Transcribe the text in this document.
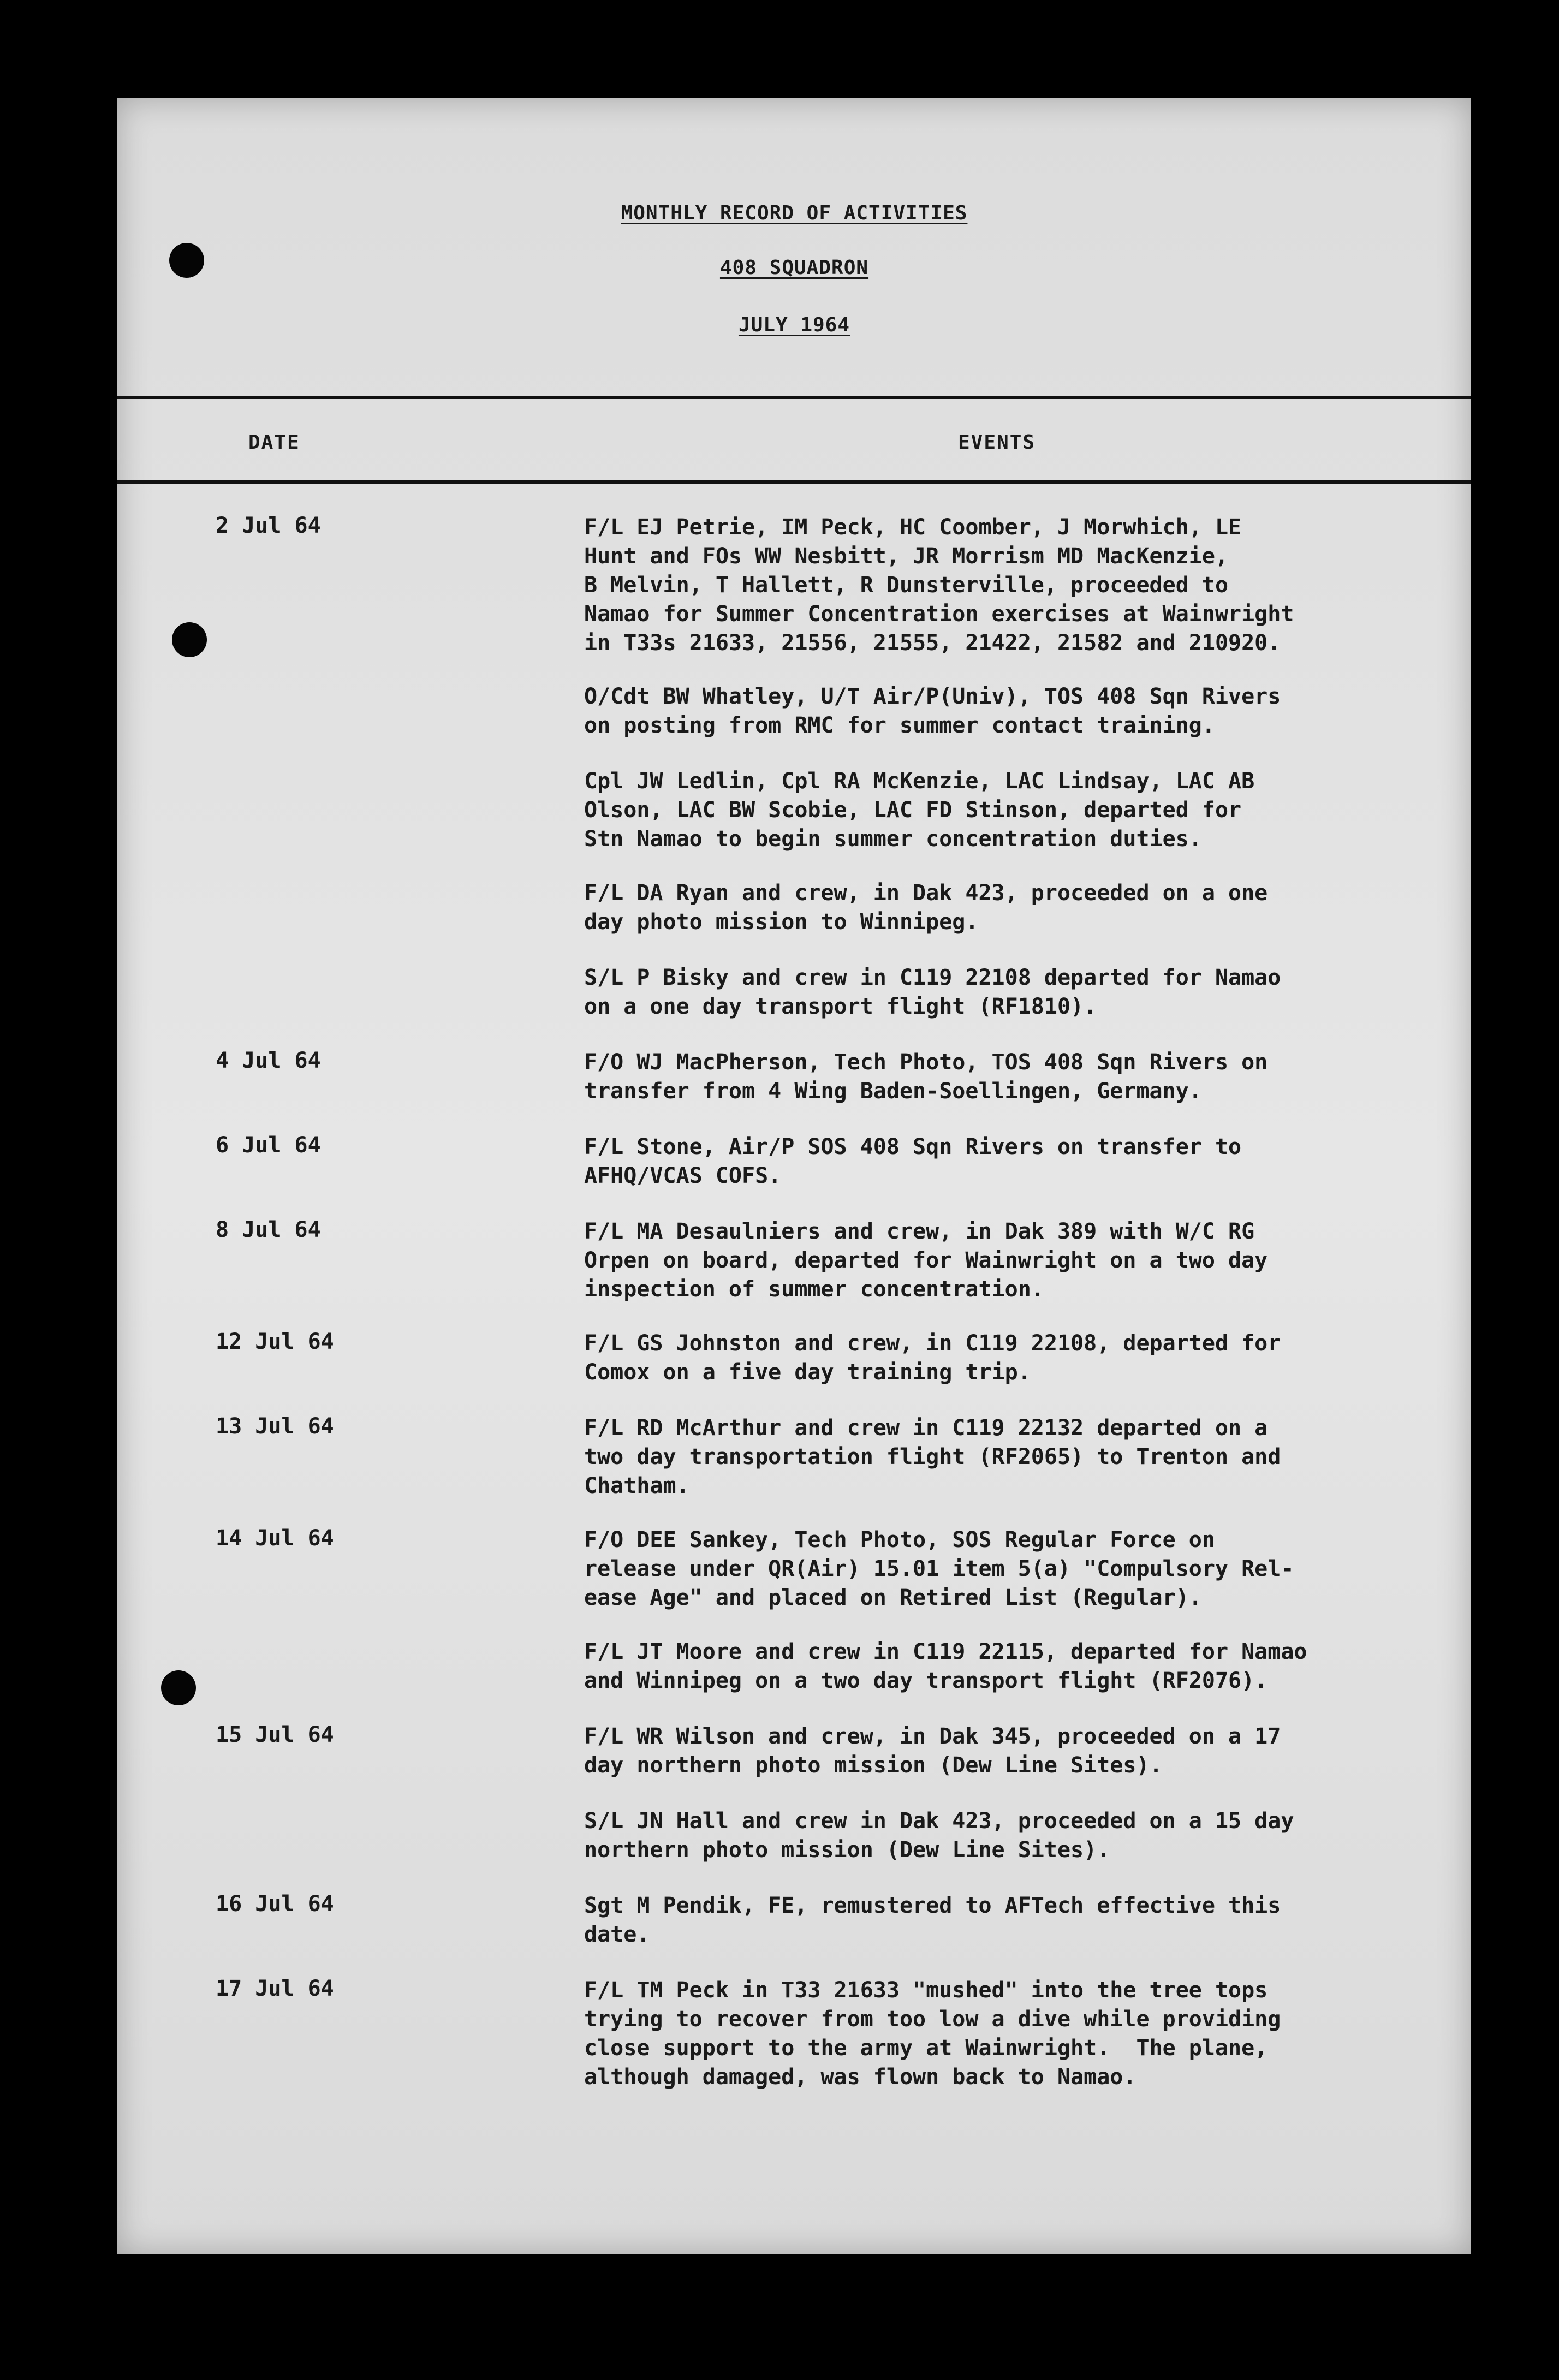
MONTHLY RECORD OF ACTIVITIES
408 SQUADRON
JULY 1964
DATE	EVENTS
2 Jul 64	F/L EJ Petrie, IM Peck, HC Coomber, J Morwhich, LE
Hunt and FOs WW Nesbitt, JR Morrism MD MacKenzie,
B Melvin, T Hallett, R Dunsterville, proceeded to
Namao for Summer Concentration exercises at Wainwright
in T33s 21633, 21556, 21555, 21422, 21582 and 210920.
O/Cdt BW Whatley, U/T Air/P(Univ), TOS 408 Sqn Rivers
on posting from RMC for summer contact training.
Cpl JW Ledlin, Cpl RA McKenzie, LAC Lindsay, LAC AB
Olson, LAC BW Scobie, LAC FD Stinson, departed for
Stn Namao to begin summer concentration duties.
F/L DA Ryan and crew, in Dak 423, proceeded on a one
day photo mission to Winnipeg.
S/L P Bisky and crew in C119 22108 departed for Namao
on a one day transport flight (RF1810).
4 Jul 64	F/O WJ MacPherson, Tech Photo, TOS 408 Sqn Rivers on
transfer from 4 Wing Baden-Soellingen, Germany.
6 Jul 64	F/L Stone, Air/P SOS 408 Sqn Rivers on transfer to
AFHQ/VCAS COFS.
8 Jul 64	F/L MA Desaulniers and crew, in Dak 389 with W/C RG
Orpen on board, departed for Wainwright on a two day
inspection of summer concentration.
12 Jul 64	F/L GS Johnston and crew, in C119 22108, departed for
Comox on a five day training trip.
13 Jul 64	F/L RD McArthur and crew in C119 22132 departed on a
two day transportation flight (RF2065) to Trenton and
Chatham.
14 Jul 64	F/O DEE Sankey, Tech Photo, SOS Regular Force on
release under QR(Air) 15.01 item 5(a) "Compulsory Rel-
ease Age" and placed on Retired List (Regular).
F/L JT Moore and crew in C119 22115, departed for Namao
and Winnipeg on a two day transport flight (RF2076).
15 Jul 64	F/L WR Wilson and crew, in Dak 345, proceeded on a 17
day northern photo mission (Dew Line Sites).
S/L JN Hall and crew in Dak 423, proceeded on a 15 day
northern photo mission (Dew Line Sites).
16 Jul 64	Sgt M Pendik, FE, remustered to AFTech effective this
date.
17 Jul 64	F/L TM Peck in T33 21633 "mushed" into the tree tops
trying to recover from too low a dive while providing
close support to the army at Wainwright.  The plane,
although damaged, was flown back to Namao.
